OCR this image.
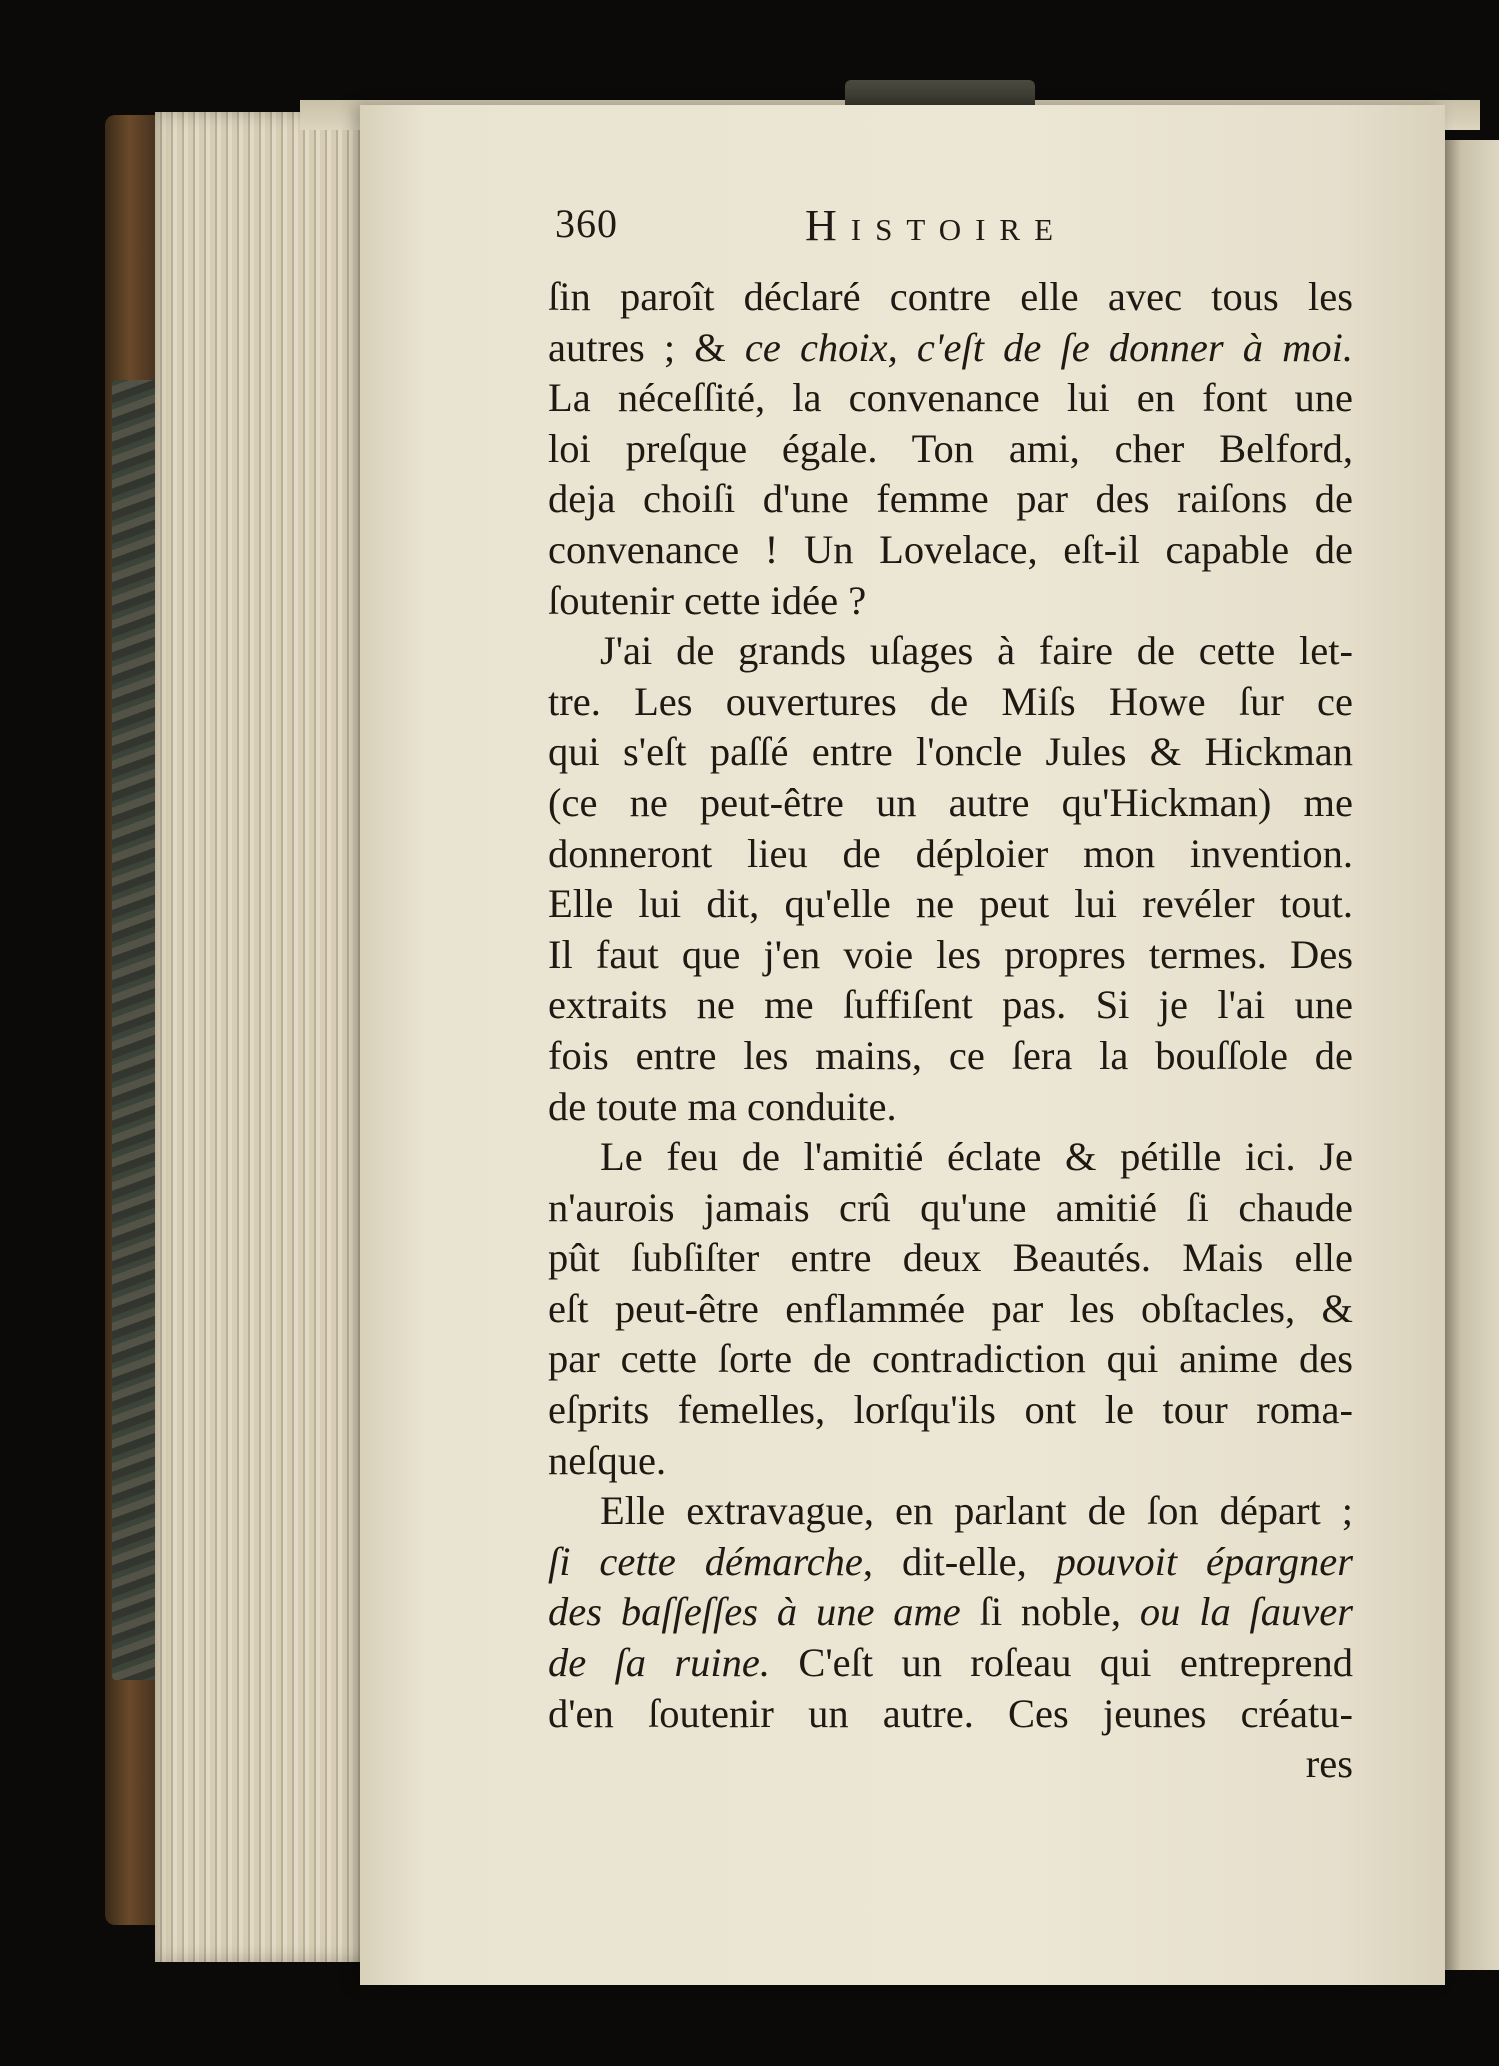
360	Histoire
ſin paroît déclaré contre elle avec tous les
autres ; & ce choix, c'eſt de ſe donner à moi.
La néceſſité, la convenance lui en font une
loi preſque égale. Ton ami, cher Belford,
deja choiſi d'une femme par des raiſons de
convenance ! Un Lovelace, eſt-il capable de
ſoutenir cette idée ?
J'ai de grands uſages à faire de cette let-
tre. Les ouvertures de Miſs Howe ſur ce
qui s'eſt paſſé entre l'oncle Jules & Hickman
(ce ne peut-être un autre qu'Hickman) me
donneront lieu de déploier mon invention.
Elle lui dit, qu'elle ne peut lui revéler tout.
Il faut que j'en voie les propres termes. Des
extraits ne me ſuffiſent pas. Si je l'ai une
fois entre les mains, ce ſera la bouſſole de
de toute ma conduite.
Le feu de l'amitié éclate & pétille ici. Je
n'aurois jamais crû qu'une amitié ſi chaude
pût ſubſiſter entre deux Beautés. Mais elle
eſt peut-être enflammée par les obſtacles, &
par cette ſorte de contradiction qui anime des
eſprits femelles, lorſqu'ils ont le tour roma-
neſque.
Elle extravague, en parlant de ſon départ ;
ſi cette démarche, dit-elle, pouvoit épargner
des baſſeſſes à une ame ſi noble, ou la ſauver
de ſa ruine. C'eſt un roſeau qui entreprend
d'en ſoutenir un autre. Ces jeunes créatu-
res
